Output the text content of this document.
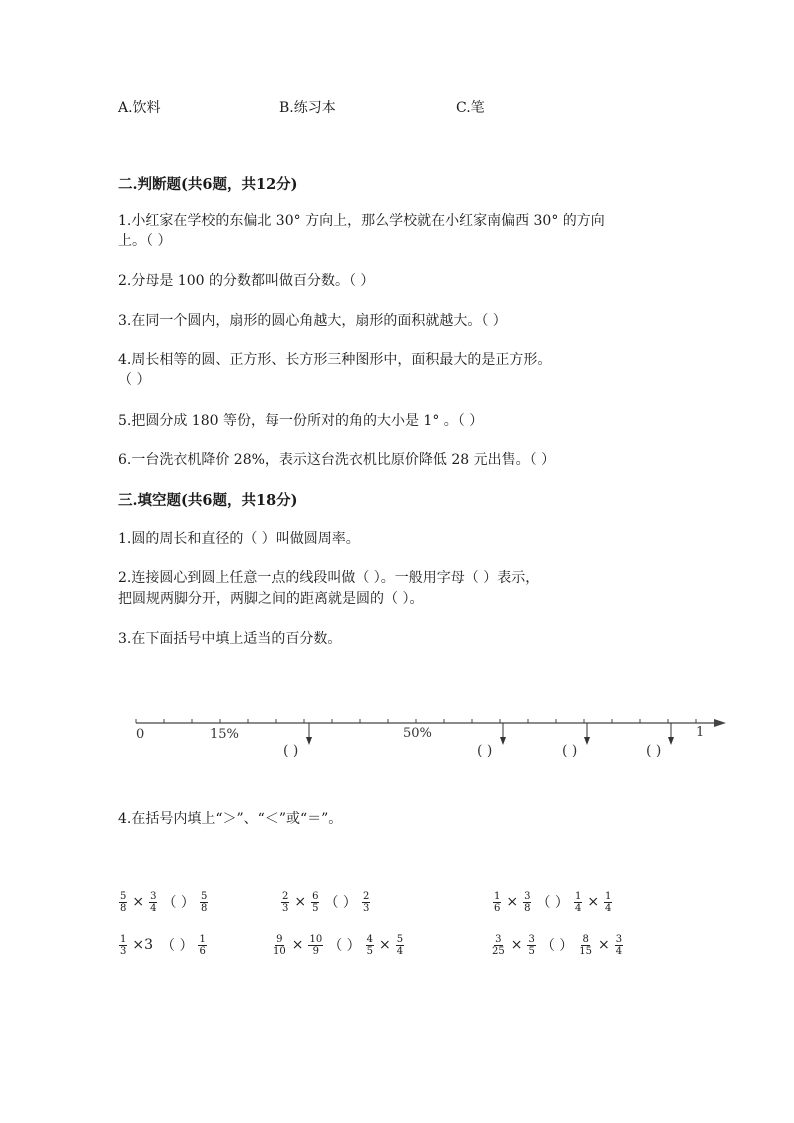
A.饮料	B.练习本	C.笔
二.判断题(共6题，共12分)
1.小红家在学校的东偏北 30° 方向上，那么学校就在小红家南偏西 30° 的方向
上。（ ）
2.分母是 100 的分数都叫做百分数。（ ）
3.在同一个圆内，扇形的圆心角越大，扇形的面积就越大。（ ）
4.周长相等的圆、正方形、长方形三种图形中，面积最大的是正方形。
（ ）
5.把圆分成 180 等份，每一份所对的角的大小是 1° 。（ ）
6.一台洗衣机降价 28%，表示这台洗衣机比原价降低 28 元出售。（ ）
三.填空题(共6题，共18分)
1.圆的周长和直径的（ ）叫做圆周率。
2.连接圆心到圆上任意一点的线段叫做（ ）。一般用字母（ ）表示，
把圆规两脚分开，两脚之间的距离就是圆的（ ）。
3.在下面括号中填上适当的百分数。
0	15%	50%	1
( )	( )	( )	( )
4.在括号内填上“＞”、“＜”或“＝”。
$\frac{5}{8} \times \frac{3}{4}$ （ ） $\frac{5}{8}$	$\frac{2}{3} \times \frac{6}{5}$ （ ） $\frac{2}{3}$	$\frac{1}{6} \times \frac{3}{8}$ （ ） $\frac{1}{4} \times \frac{1}{4}$
$\frac{1}{3} \times 3$ （ ） $\frac{1}{6}$	$\frac{9}{10} \times \frac{10}{9}$ （ ） $\frac{4}{5} \times \frac{5}{4}$	$\frac{3}{25} \times \frac{3}{5}$ （ ） $\frac{8}{15} \times \frac{3}{4}$
